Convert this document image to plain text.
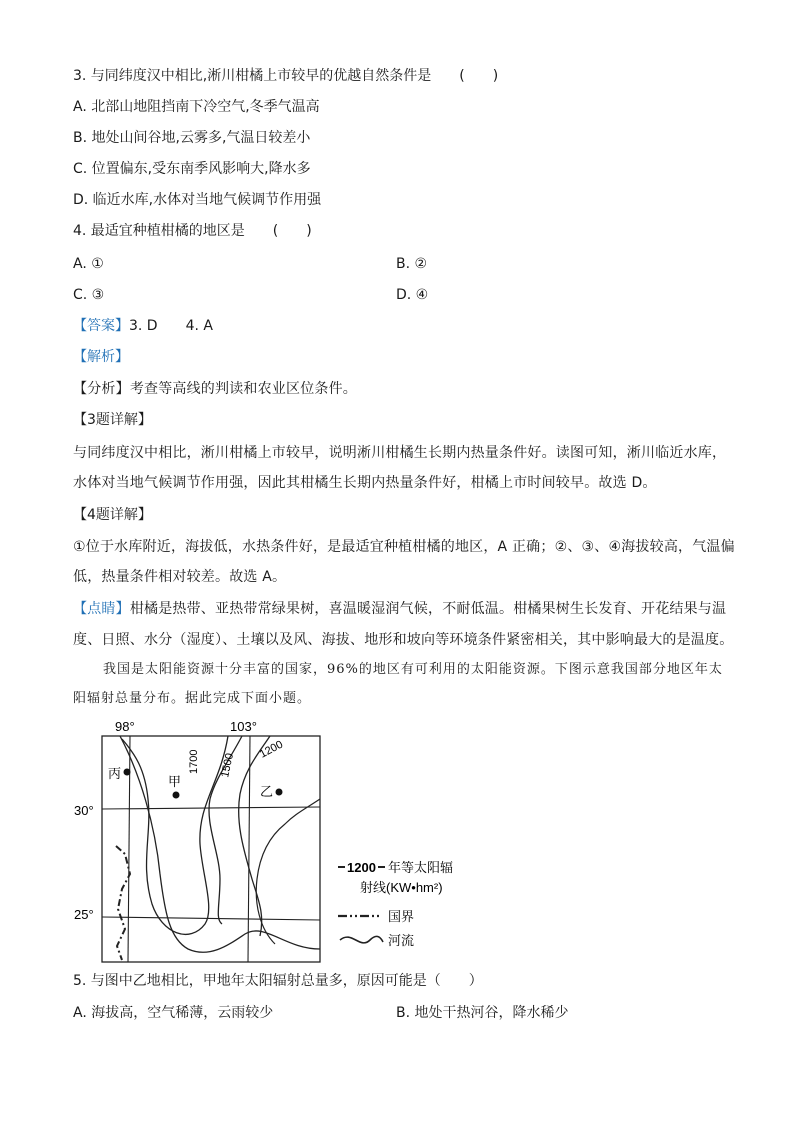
3. 与同纬度汉中相比,淅川柑橘上市较早的优越自然条件是　　(　　)
A. 北部山地阻挡南下冷空气,冬季气温高
B. 地处山间谷地,云雾多,气温日较差小
C. 位置偏东,受东南季风影响大,降水多
D. 临近水库,水体对当地气候调节作用强
4. 最适宜种植柑橘的地区是　　(　　)
A. ①	B. ②
C. ③	D. ④
【答案】3. D　　4. A
【解析】
【分析】考查等高线的判读和农业区位条件。
【3题详解】
与同纬度汉中相比，淅川柑橘上市较早，说明淅川柑橘生长期内热量条件好。读图可知，淅川临近水库，
水体对当地气候调节作用强，因此其柑橘生长期内热量条件好，柑橘上市时间较早。故选 D。
【4题详解】
①位于水库附近，海拔低，水热条件好，是最适宜种植柑橘的地区，A 正确；②、③、④海拔较高，气温偏
低，热量条件相对较差。故选 A。
【点睛】柑橘是热带、亚热带常绿果树，喜温暖湿润气候，不耐低温。柑橘果树生长发育、开花结果与温
度、日照、水分（湿度）、土壤以及风、海拔、地形和坡向等环境条件紧密相关，其中影响最大的是温度。
我国是太阳能资源十分丰富的国家，96%的地区有可利用的太阳能资源。下图示意我国部分地区年太
阳辐射总量分布。据此完成下面小题。
98°	103°
30°
25°
1700 1500
1200
丙
甲
乙
1200 年等太阳辐
射线(KW•hm²)
国界
河流
5. 与图中乙地相比，甲地年太阳辐射总量多，原因可能是（　　）
A. 海拔高，空气稀薄，云雨较少	B. 地处干热河谷，降水稀少
